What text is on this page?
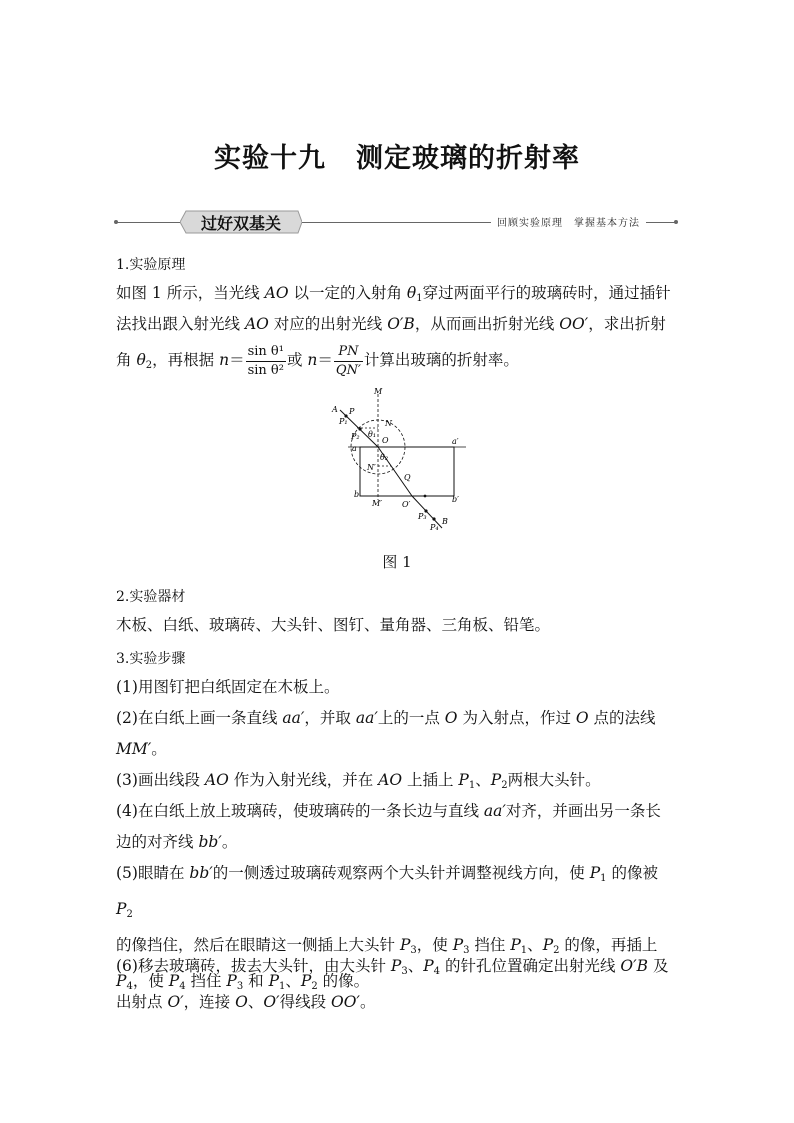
实验十九 测定玻璃的折射率
过好双基关	回顾实验原理　掌握基本方法

1.实验原理

如图 1 所示，当光线 AO 以一定的入射角 $\theta_1$穿过两面平行的玻璃砖时，通过插针

法找出跟入射光线 AO 对应的出射光线 O′B，从而画出折射光线 OO′，求出折射

角 $\theta_2$，再根据 $n= \frac{\text{sin θ¹}}{\text{sin θ²}}$ 或 $n= \frac{PN}{QN'}$ 计算出玻璃的折射率。

A P
P₁
P₂
M
N
O
θ₁
θ₂
a
a′
N′
Q
b
b′
M′ O′
P₃
P₄
B
图 1

2.实验器材

木板、白纸、玻璃砖、大头针、图钉、量角器、三角板、铅笔。

3.实验步骤

(1)用图钉把白纸固定在木板上。

(2)在白纸上画一条直线 aa′，并取 aa′上的一点 O 为入射点，作过 O 点的法线
MM′。

(3)画出线段 AO 作为入射光线，并在 AO 上插上 $P_1$、$P_2$两根大头针。

(4)在白纸上放上玻璃砖，使玻璃砖的一条长边与直线 aa′对齐，并画出另一条长
边的对齐线 bb′。

(5)眼睛在 bb′的一侧透过玻璃砖观察两个大头针并调整视线方向，使 $P_1$ 的像被 $P_2$
的像挡住，然后在眼睛这一侧插上大头针 $P_3$，使 $P_3$ 挡住 $P_1$、$P_2$ 的像，再插上
$P_4$，使 $P_4$ 挡住 $P_3$ 和 $P_1$、$P_2$ 的像。

(6)移去玻璃砖，拔去大头针，由大头针 $P_3$、$P_4$ 的针孔位置确定出射光线 O′B 及
出射点 O′，连接 O、O′得线段 OO′。
